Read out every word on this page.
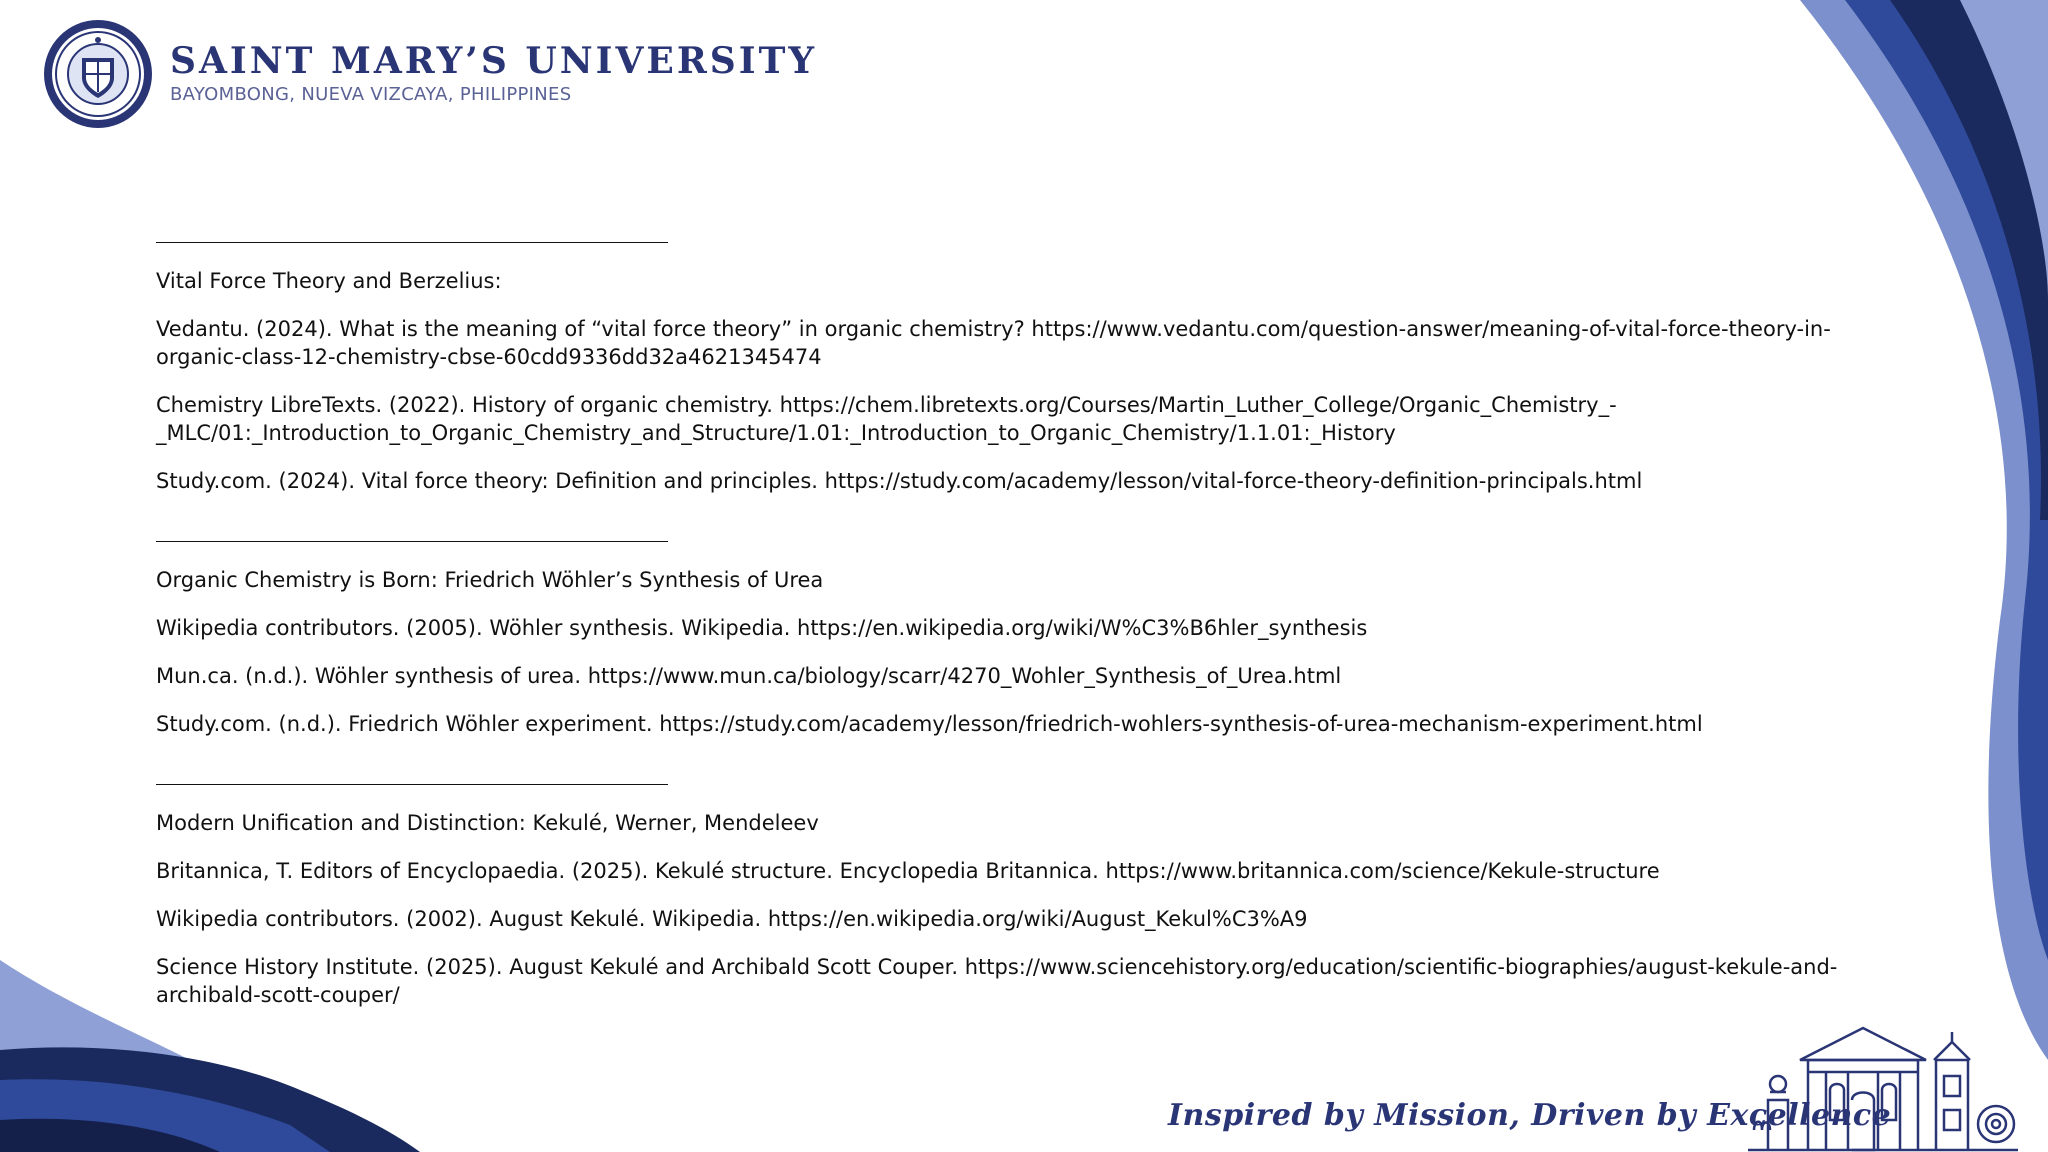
SAINT MARY’S UNIVERSITY
BAYOMBONG, NUEVA VIZCAYA, PHILIPPINES
Vital Force Theory and Berzelius:
Vedantu. (2024). What is the meaning of “vital force theory” in organic chemistry? https://www.vedantu.com/question-answer/meaning-of-vital-force-theory-in-organic-class-12-chemistry-cbse-60cdd9336dd32a4621345474
Chemistry LibreTexts. (2022). History of organic chemistry. https://chem.libretexts.org/Courses/Martin_Luther_College/Organic_Chemistry_-_MLC/01:_Introduction_to_Organic_Chemistry_and_Structure/1.01:_Introduction_to_Organic_Chemistry/1.1.01:_History
Study.com. (2024). Vital force theory: Definition and principles. https://study.com/academy/lesson/vital-force-theory-definition-principals.html
Organic Chemistry is Born: Friedrich Wöhler’s Synthesis of Urea
Wikipedia contributors. (2005). Wöhler synthesis. Wikipedia. https://en.wikipedia.org/wiki/W%C3%B6hler_synthesis
Mun.ca. (n.d.). Wöhler synthesis of urea. https://www.mun.ca/biology/scarr/4270_Wohler_Synthesis_of_Urea.html
Study.com. (n.d.). Friedrich Wöhler experiment. https://study.com/academy/lesson/friedrich-wohlers-synthesis-of-urea-mechanism-experiment.html
Modern Unification and Distinction: Kekulé, Werner, Mendeleev
Britannica, T. Editors of Encyclopaedia. (2025). Kekulé structure. Encyclopedia Britannica. https://www.britannica.com/science/Kekule-structure
Wikipedia contributors. (2002). August Kekulé. Wikipedia. https://en.wikipedia.org/wiki/August_Kekul%C3%A9
Science History Institute. (2025). August Kekulé and Archibald Scott Couper. https://www.sciencehistory.org/education/scientific-biographies/august-kekule-and-archibald-scott-couper/
Inspired by Mission, Driven by Excellence
